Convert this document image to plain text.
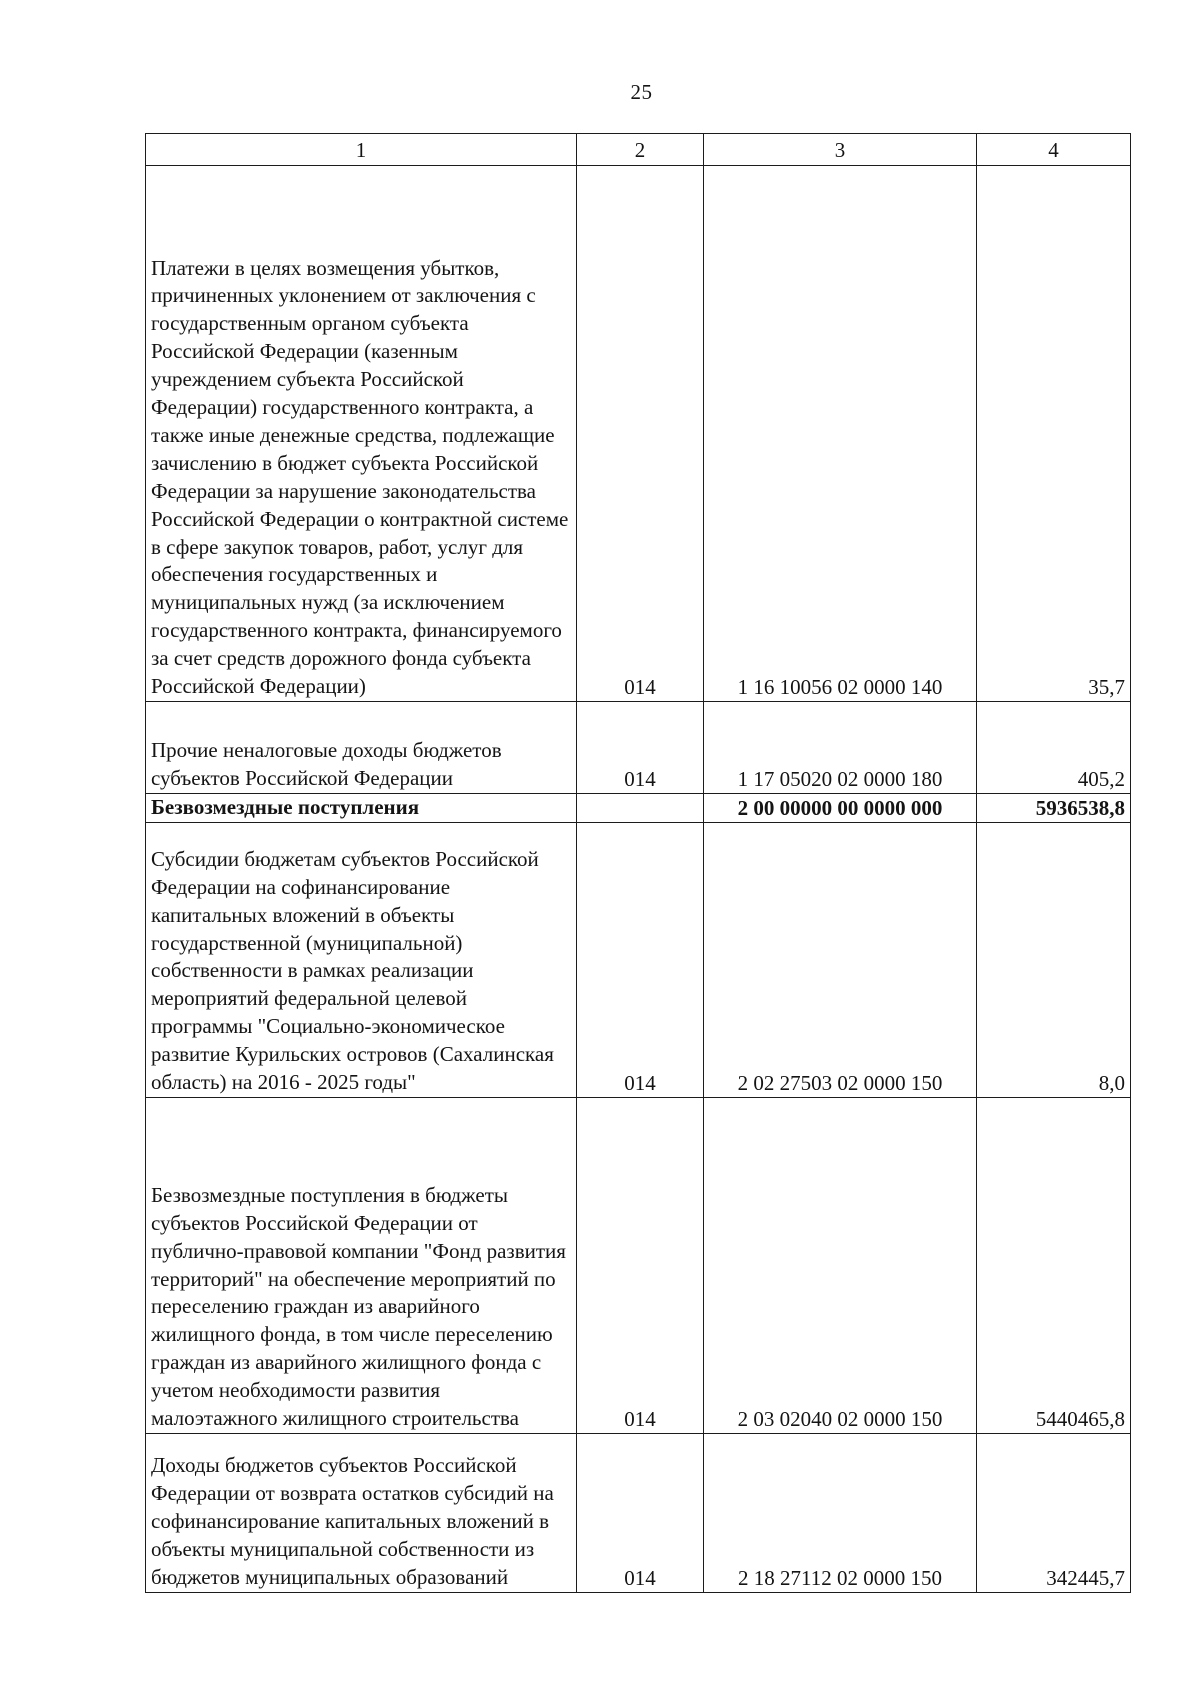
25
1	2	3	4
Платежи в целях возмещения убытков, причиненных уклонением от заключения с государственным органом субъекта Российской Федерации (казенным учреждением субъекта Российской Федерации) государственного контракта, а также иные денежные средства, подлежащие зачислению в бюджет субъекта Российской Федерации за нарушение законодательства Российской Федерации о контрактной системе в сфере закупок товаров, работ, услуг для обеспечения государственных и муниципальных нужд (за исключением государственного контракта, финансируемого за счет средств дорожного фонда субъекта Российской Федерации)	014	1 16 10056 02 0000 140	35,7
Прочие неналоговые доходы бюджетов субъектов Российской Федерации	014	1 17 05020 02 0000 180	405,2
Безвозмездные поступления		2 00 00000 00 0000 000	5936538,8
Субсидии бюджетам субъектов Российской Федерации на софинансирование капитальных вложений в объекты государственной (муниципальной) собственности в рамках реализации мероприятий федеральной целевой программы "Социально-экономическое развитие Курильских островов (Сахалинская область) на 2016 - 2025 годы"	014	2 02 27503 02 0000 150	8,0
Безвозмездные поступления в бюджеты субъектов Российской Федерации от публично-правовой компании "Фонд развития территорий" на обеспечение мероприятий по переселению граждан из аварийного жилищного фонда, в том числе переселению граждан из аварийного жилищного фонда с учетом необходимости развития малоэтажного жилищного строительства	014	2 03 02040 02 0000 150	5440465,8
Доходы бюджетов субъектов Российской Федерации от возврата остатков субсидий на софинансирование капитальных вложений в объекты муниципальной собственности из бюджетов муниципальных образований	014	2 18 27112 02 0000 150	342445,7
